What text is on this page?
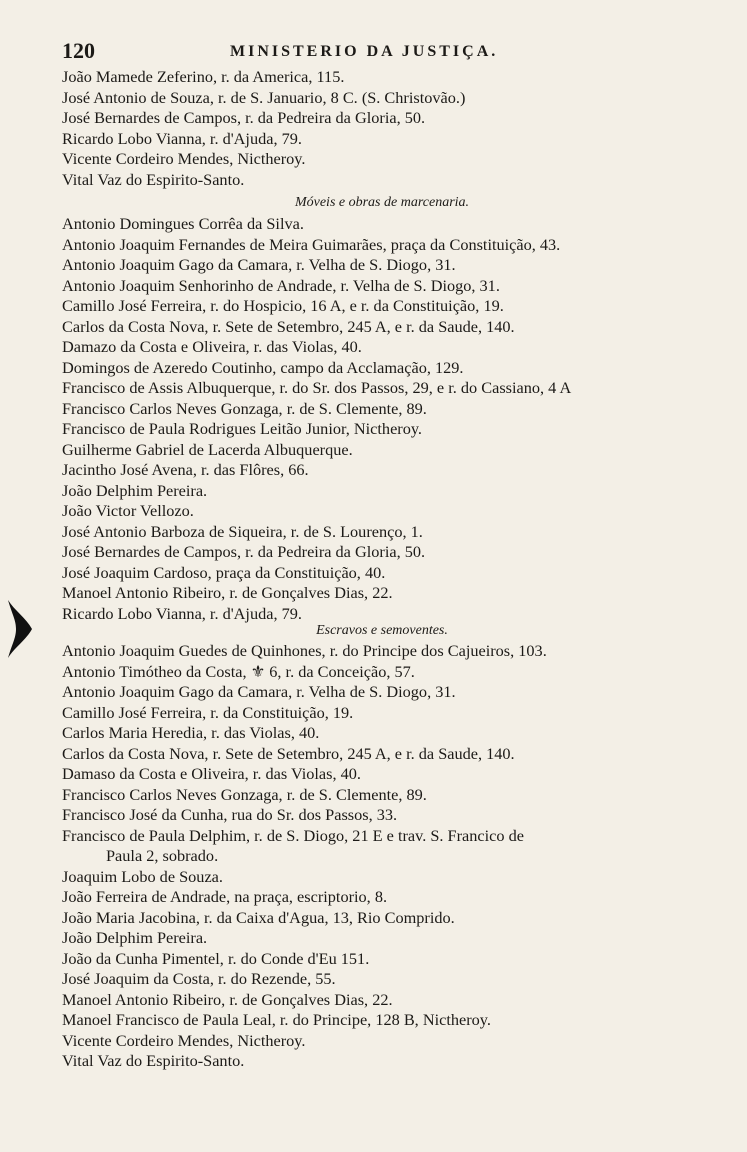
120	MINISTERIO DA JUSTIÇA.
João Mamede Zeferino, r. da America, 115.
José Antonio de Souza, r. de S. Januario, 8 C. (S. Christovão.)
José Bernardes de Campos, r. da Pedreira da Gloria, 50.
Ricardo Lobo Vianna, r. d'Ajuda, 79.
Vicente Cordeiro Mendes, Nictheroy.
Vital Vaz do Espirito-Santo.
Móveis e obras de marcenaria.
Antonio Domingues Corrêa da Silva.
Antonio Joaquim Fernandes de Meira Guimarães, praça da Constituição, 43.
Antonio Joaquim Gago da Camara, r. Velha de S. Diogo, 31.
Antonio Joaquim Senhorinho de Andrade, r. Velha de S. Diogo, 31.
Camillo José Ferreira, r. do Hospicio, 16 A, e r. da Constituição, 19.
Carlos da Costa Nova, r. Sete de Setembro, 245 A, e r. da Saude, 140.
Damazo da Costa e Oliveira, r. das Violas, 40.
Domingos de Azeredo Coutinho, campo da Acclamação, 129.
Francisco de Assis Albuquerque, r. do Sr. dos Passos, 29, e r. do Cassiano, 4 A
Francisco Carlos Neves Gonzaga, r. de S. Clemente, 89.
Francisco de Paula Rodrigues Leitão Junior, Nictheroy.
Guilherme Gabriel de Lacerda Albuquerque.
Jacintho José Avena, r. das Flôres, 66.
João Delphim Pereira.
João Victor Vellozo.
José Antonio Barboza de Siqueira, r. de S. Lourenço, 1.
José Bernardes de Campos, r. da Pedreira da Gloria, 50.
José Joaquim Cardoso, praça da Constituição, 40.
Manoel Antonio Ribeiro, r. de Gonçalves Dias, 22.
Ricardo Lobo Vianna, r. d'Ajuda, 79.
Escravos e semoventes.
Antonio Joaquim Guedes de Quinhones, r. do Principe dos Cajueiros, 103.
Antonio Timótheo da Costa, ⚜ 6, r. da Conceição, 57.
Antonio Joaquim Gago da Camara, r. Velha de S. Diogo, 31.
Camillo José Ferreira, r. da Constituição, 19.
Carlos Maria Heredia, r. das Violas, 40.
Carlos da Costa Nova, r. Sete de Setembro, 245 A, e r. da Saude, 140.
Damaso da Costa e Oliveira, r. das Violas, 40.
Francisco Carlos Neves Gonzaga, r. de S. Clemente, 89.
Francisco José da Cunha, rua do Sr. dos Passos, 33.
Francisco de Paula Delphim, r. de S. Diogo, 21 E e trav. S. Francico de
Paula 2, sobrado.
Joaquim Lobo de Souza.
João Ferreira de Andrade, na praça, escriptorio, 8.
João Maria Jacobina, r. da Caixa d'Agua, 13, Rio Comprido.
João Delphim Pereira.
João da Cunha Pimentel, r. do Conde d'Eu 151.
José Joaquim da Costa, r. do Rezende, 55.
Manoel Antonio Ribeiro, r. de Gonçalves Dias, 22.
Manoel Francisco de Paula Leal, r. do Principe, 128 B, Nictheroy.
Vicente Cordeiro Mendes, Nictheroy.
Vital Vaz do Espirito-Santo.
